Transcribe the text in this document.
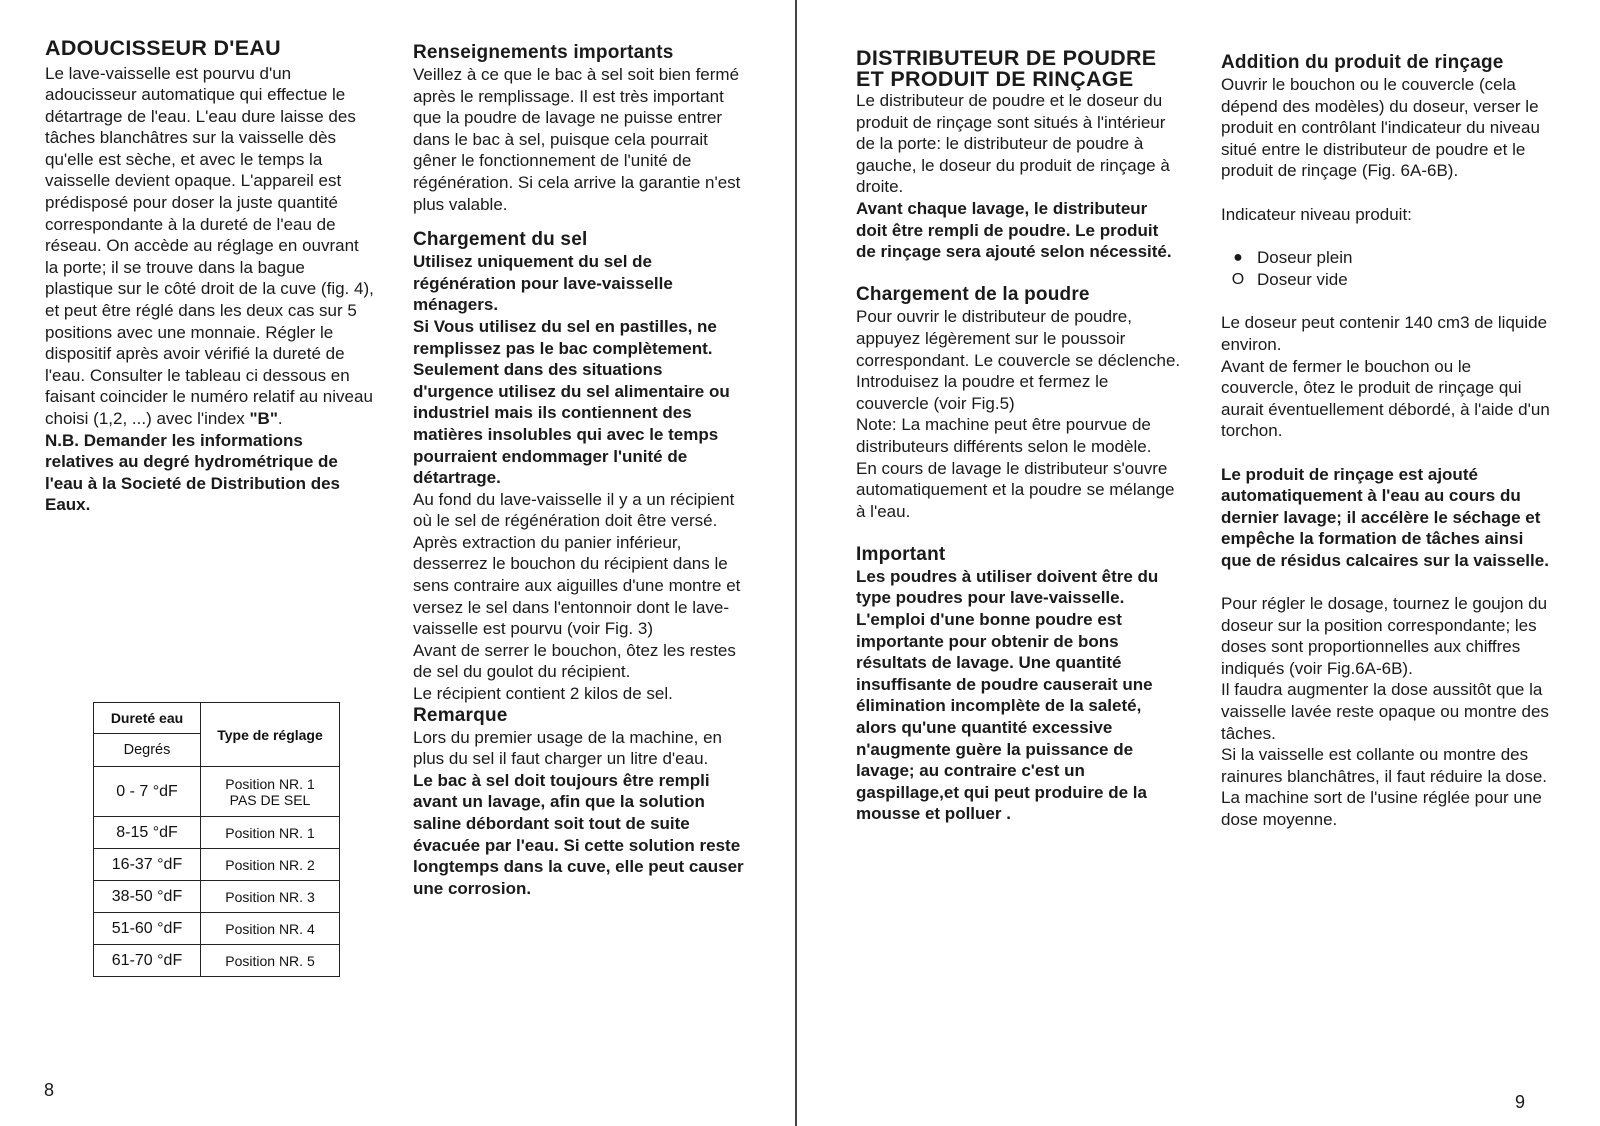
ADOUCISSEUR D'EAU

Le lave-vaisselle est pourvu d'un adoucisseur automatique qui effectue le détartrage de l'eau. L'eau dure laisse des tâches blanchâtres sur la vaisselle dès qu'elle est sèche, et avec le temps la vaisselle devient opaque. L'appareil est prédisposé pour doser la juste quantité correspondante à la dureté de l'eau de réseau. On accède au réglage en ouvrant la porte; il se trouve dans la bague plastique sur le côté droit de la cuve (fig. 4), et peut être réglé dans les deux cas sur 5 positions avec une monnaie. Régler le dispositif après avoir vérifié la dureté de l'eau. Consulter le tableau ci dessous en faisant coincider le numéro relatif au niveau choisi (1,2, ...) avec l'index "B".

N.B. Demander les informations relatives au degré hydrométrique de l'eau à la Societé de Distribution des Eaux.

Dureté eau	Type de réglage
Degrés	
0 - 7 °dF	Position NR. 1
PAS DE SEL

8-15 °dF	Position NR. 1
16-37 °dF	Position NR. 2
38-50 °dF	Position NR. 3
51-60 °dF	Position NR. 4
61-70 °dF	Position NR. 5

Renseignements importants

Veillez à ce que le bac à sel soit bien fermé après le remplissage. Il est très important que la poudre de lavage ne puisse entrer dans le bac à sel, puisque cela pourrait gêner le fonctionnement de l'unité de régénération. Si cela arrive la garantie n'est plus valable.

Chargement du sel

Utilisez uniquement du sel de régénération pour lave-vaisselle ménagers.

Si Vous utilisez du sel en pastilles, ne remplissez pas le bac complètement.

Seulement dans des situations d'urgence utilisez du sel alimentaire ou industriel mais ils contiennent des matières insolubles qui avec le temps pourraient endommager l'unité de détartrage.

Au fond du lave-vaisselle il y a un récipient où le sel de régénération doit être versé.

Après extraction du panier inférieur, desserrez le bouchon du récipient dans le sens contraire aux aiguilles d'une montre et versez le sel dans l'entonnoir dont le lave-vaisselle est pourvu (voir Fig. 3)

Avant de serrer le bouchon, ôtez les restes de sel du goulot du récipient.

Le récipient contient 2 kilos de sel.

Remarque

Lors du premier usage de la machine, en plus du sel il faut charger un litre d'eau.

Le bac à sel doit toujours être rempli avant un lavage, afin que la solution saline débordant soit tout de suite évacuée par l'eau. Si cette solution reste longtemps dans la cuve, elle peut causer une corrosion.

8

DISTRIBUTEUR DE POUDRE ET PRODUIT DE RINÇAGE

Le distributeur de poudre et le doseur du produit de rinçage sont situés à l'intérieur de la porte: le distributeur de poudre à gauche, le doseur du produit de rinçage à droite.

Avant chaque lavage, le distributeur doit être rempli de poudre. Le produit de rinçage sera ajouté selon nécessité.

Chargement de la poudre

Pour ouvrir le distributeur de poudre, appuyez légèrement sur le poussoir correspondant. Le couvercle se déclenche. Introduisez la poudre et fermez le couvercle (voir Fig.5)

Note: La machine peut être pourvue de distributeurs différents selon le modèle.

En cours de lavage le distributeur s'ouvre automatiquement et la poudre se mélange à l'eau.

Important

Les poudres à utiliser doivent être du type poudres pour lave-vaisselle. L'emploi d'une bonne poudre est importante pour obtenir de bons résultats de lavage. Une quantité insuffisante de poudre causerait une élimination incomplète de la saleté, alors qu'une quantité excessive n'augmente guère la puissance de lavage; au contraire c'est un gaspillage,et qui peut produire de la mousse et polluer .

Addition du produit de rinçage

Ouvrir le bouchon ou le couvercle (cela dépend des modèles) du doseur, verser le produit en contrôlant l'indicateur du niveau situé entre le distributeur de poudre et le produit de rinçage (Fig. 6A-6B).

Indicateur niveau produit:

● Doseur plein
O Doseur vide

Le doseur peut contenir 140 cm3 de liquide environ.

Avant de fermer le bouchon ou le couvercle, ôtez le produit de rinçage qui aurait éventuellement débordé, à l'aide d'un torchon.

Le produit de rinçage est ajouté automatiquement à l'eau au cours du dernier lavage; il accélère le séchage et empêche la formation de tâches ainsi que de résidus calcaires sur la vaisselle.

Pour régler le dosage, tournez le goujon du doseur sur la position correspondante; les doses sont proportionnelles aux chiffres indiqués (voir Fig.6A-6B).

Il faudra augmenter la dose aussitôt que la vaisselle lavée reste opaque ou montre des tâches.

Si la vaisselle est collante ou montre des rainures blanchâtres, il faut réduire la dose.

La machine sort de l'usine réglée pour une dose moyenne.

9
